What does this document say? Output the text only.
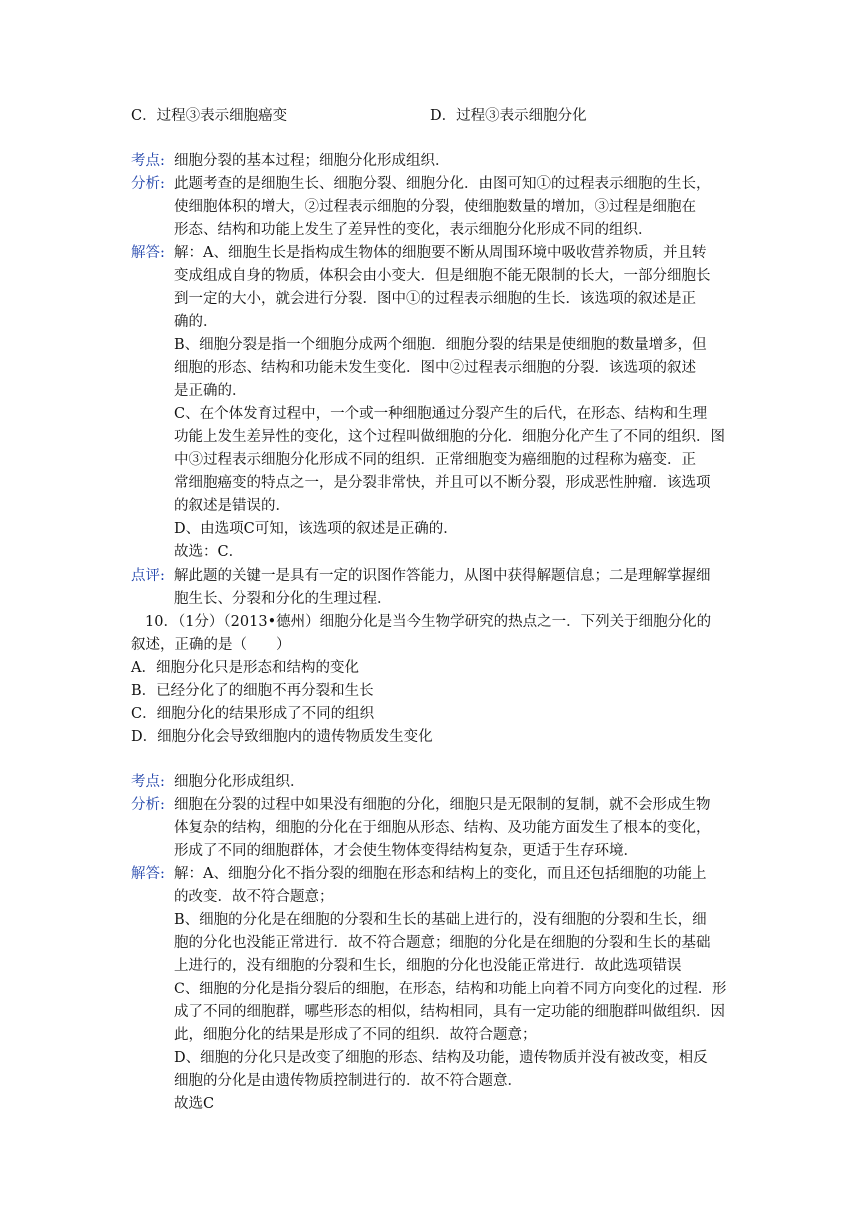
C．过程③表示细胞癌变	D．过程③表示细胞分化
考点: 细胞分裂的基本过程；细胞分化形成组织．
分析: 此题考查的是细胞生长、细胞分裂、细胞分化．由图可知①的过程表示细胞的生长，
使细胞体积的增大，②过程表示细胞的分裂，使细胞数量的增加，③过程是细胞在
形态、结构和功能上发生了差异性的变化，表示细胞分化形成不同的组织．
解答: 解：A、细胞生长是指构成生物体的细胞要不断从周围环境中吸收营养物质，并且转
变成组成自身的物质，体积会由小变大．但是细胞不能无限制的长大，一部分细胞长
到一定的大小，就会进行分裂．图中①的过程表示细胞的生长．该选项的叙述是正
确的．
B、细胞分裂是指一个细胞分成两个细胞．细胞分裂的结果是使细胞的数量增多，但
细胞的形态、结构和功能未发生变化．图中②过程表示细胞的分裂．该选项的叙述
是正确的．
C、在个体发育过程中，一个或一种细胞通过分裂产生的后代，在形态、结构和生理
功能上发生差异性的变化，这个过程叫做细胞的分化．细胞分化产生了不同的组织．图
中③过程表示细胞分化形成不同的组织．正常细胞变为癌细胞的过程称为癌变．正
常细胞癌变的特点之一，是分裂非常快，并且可以不断分裂，形成恶性肿瘤．该选项
的叙述是错误的．
D、由选项C可知，该选项的叙述是正确的．
故选：C．
点评: 解此题的关键一是具有一定的识图作答能力，从图中获得解题信息；二是理解掌握细
胞生长、分裂和分化的生理过程．
10．（1分）（2013•德州）细胞分化是当今生物学研究的热点之一．下列关于细胞分化的
叙述，正确的是（　　）
A．细胞分化只是形态和结构的变化
B．已经分化了的细胞不再分裂和生长
C．细胞分化的结果形成了不同的组织
D．细胞分化会导致细胞内的遗传物质发生变化
考点: 细胞分化形成组织．
分析: 细胞在分裂的过程中如果没有细胞的分化，细胞只是无限制的复制，就不会形成生物
体复杂的结构，细胞的分化在于细胞从形态、结构、及功能方面发生了根本的变化，
形成了不同的细胞群体，才会使生物体变得结构复杂，更适于生存环境．
解答: 解：A、细胞分化不指分裂的细胞在形态和结构上的变化，而且还包括细胞的功能上
的改变．故不符合题意；
B、细胞的分化是在细胞的分裂和生长的基础上进行的，没有细胞的分裂和生长，细
胞的分化也没能正常进行．故不符合题意；细胞的分化是在细胞的分裂和生长的基础
上进行的，没有细胞的分裂和生长，细胞的分化也没能正常进行．故此选项错误
C、细胞的分化是指分裂后的细胞，在形态，结构和功能上向着不同方向变化的过程．形
成了不同的细胞群，哪些形态的相似，结构相同，具有一定功能的细胞群叫做组织．因
此，细胞分化的结果是形成了不同的组织．故符合题意；
D、细胞的分化只是改变了细胞的形态、结构及功能，遗传物质并没有被改变，相反
细胞的分化是由遗传物质控制进行的．故不符合题意．
故选C
